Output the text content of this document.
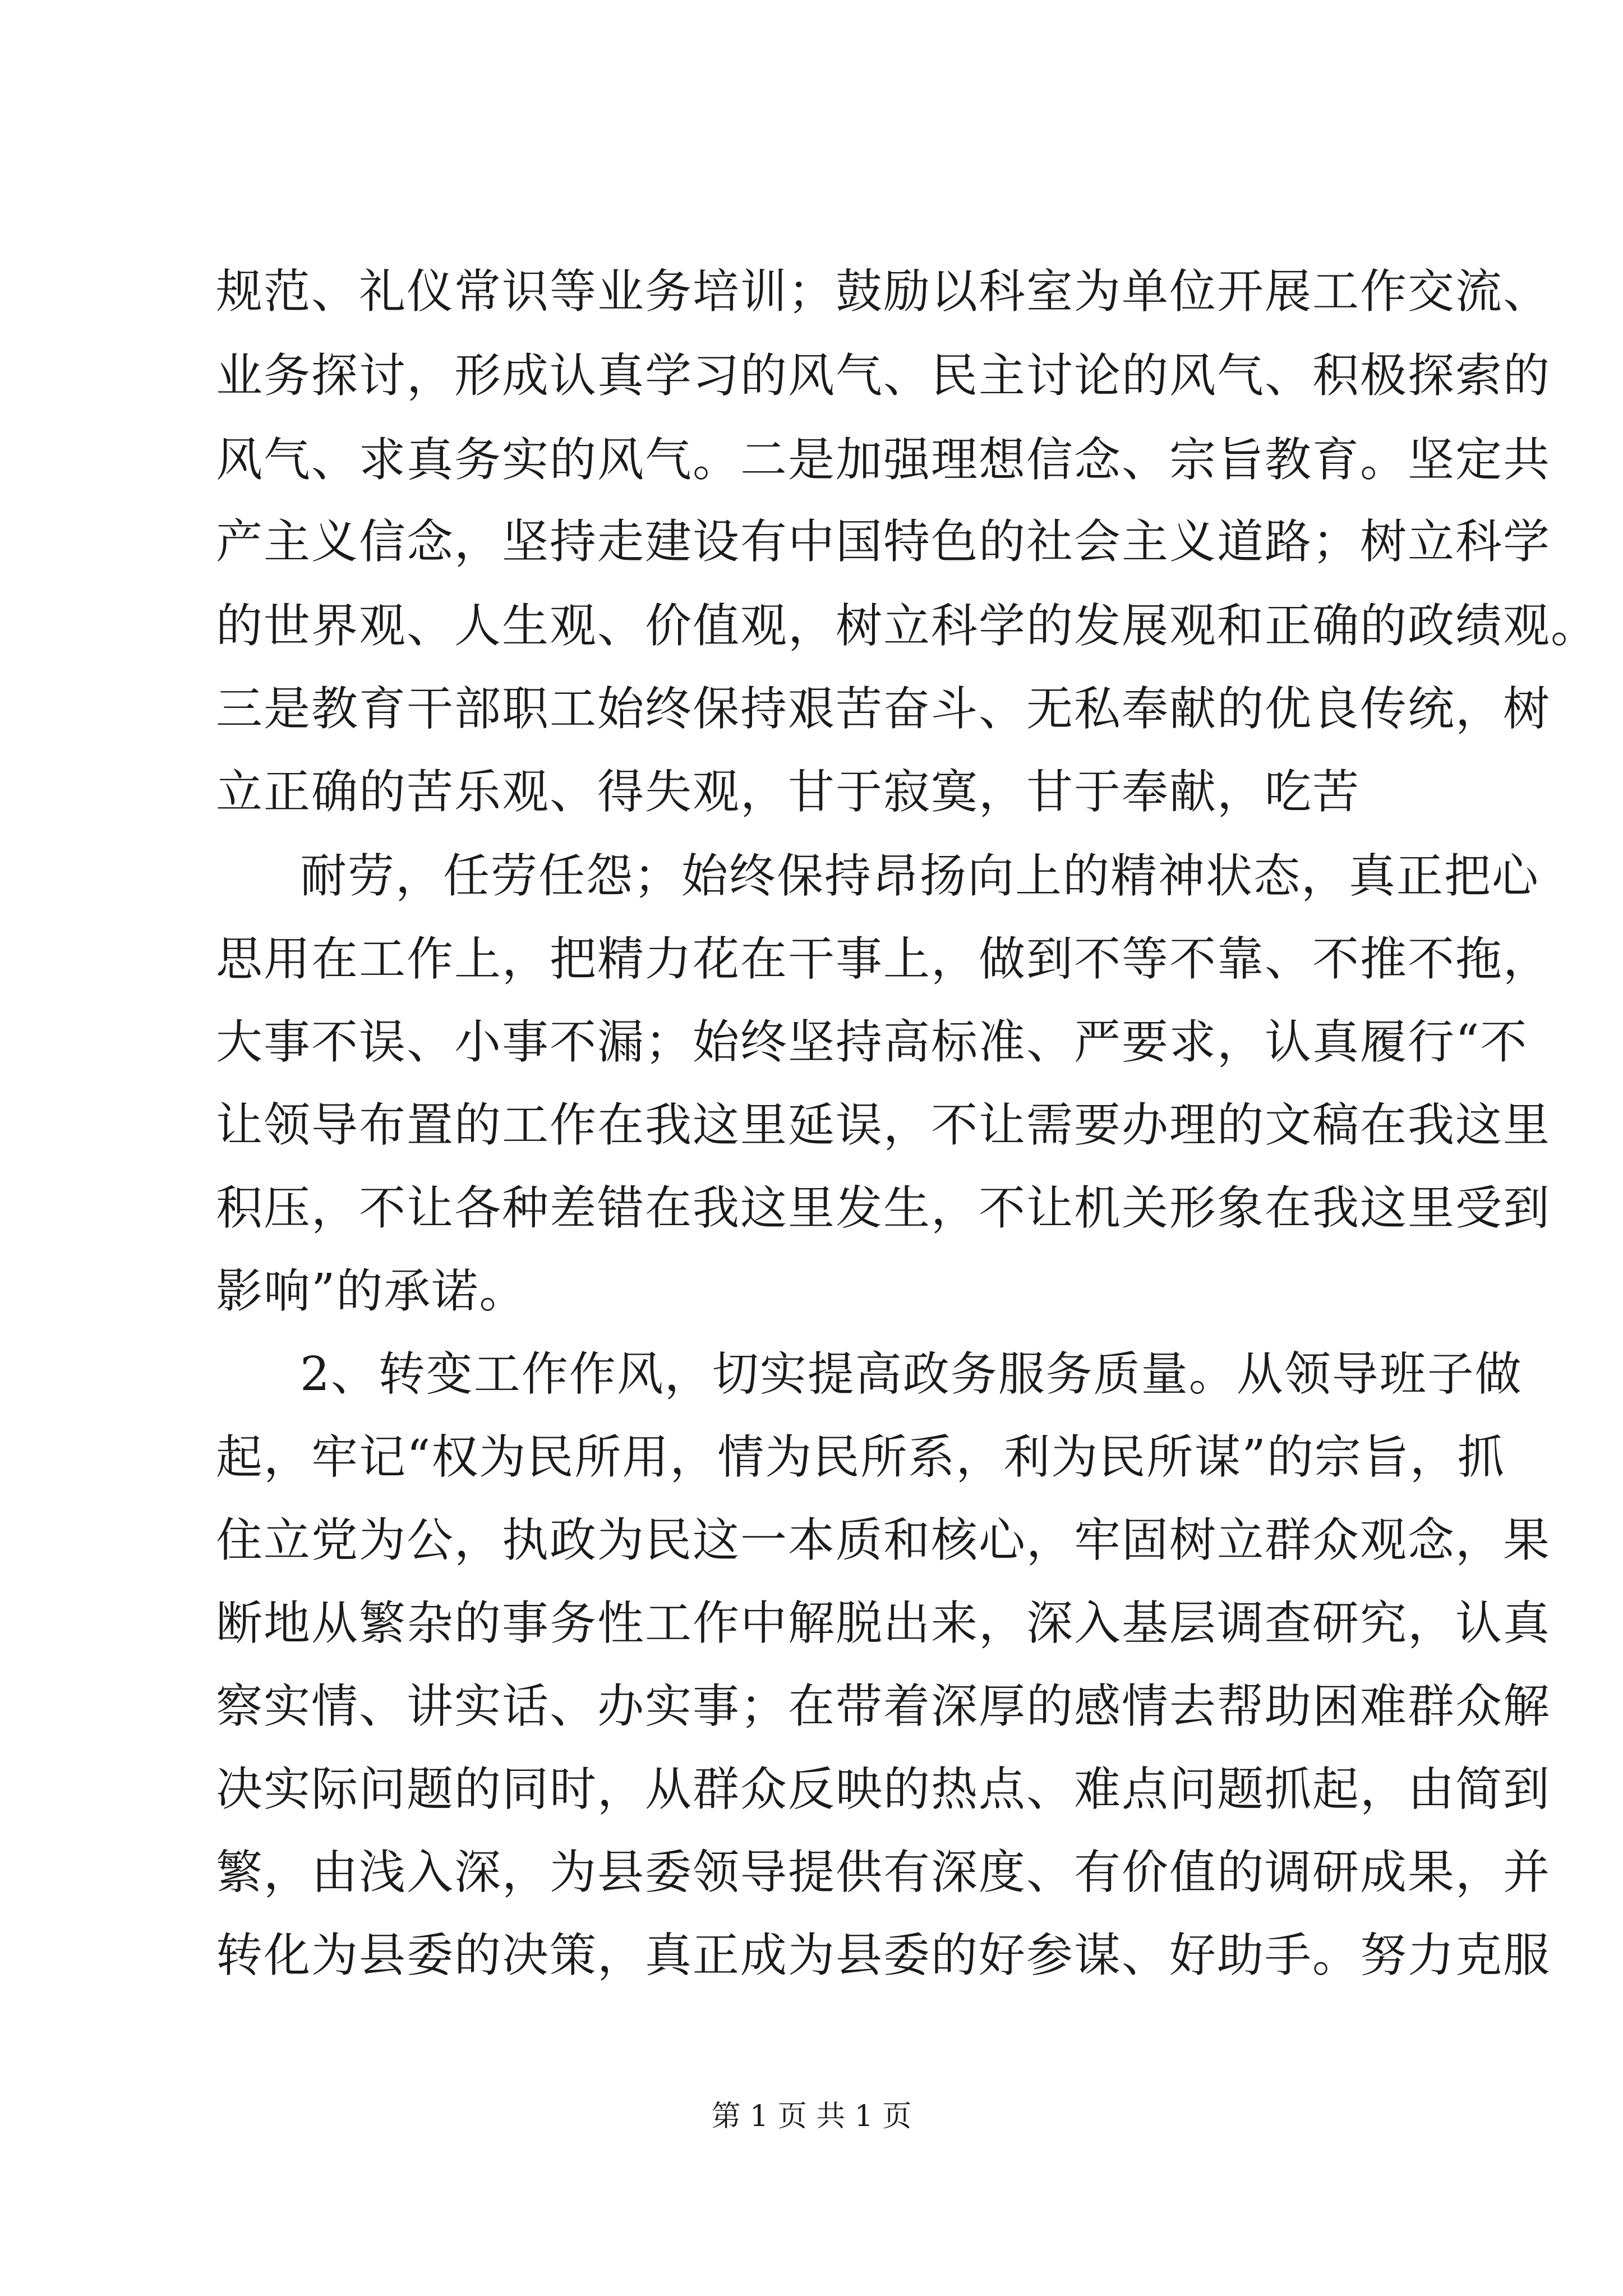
规范、礼仪常识等业务培训；鼓励以科室为单位开展工作交流、
业务探讨，形成认真学习的风气、民主讨论的风气、积极探索的
风气、求真务实的风气。二是加强理想信念、宗旨教育。坚定共
产主义信念，坚持走建设有中国特色的社会主义道路；树立科学
的世界观、人生观、价值观，树立科学的发展观和正确的政绩观。
三是教育干部职工始终保持艰苦奋斗、无私奉献的优良传统，树
立正确的苦乐观、得失观，甘于寂寞，甘于奉献，吃苦
耐劳，任劳任怨；始终保持昂扬向上的精神状态，真正把心
思用在工作上，把精力花在干事上，做到不等不靠、不推不拖，
大事不误、小事不漏；始终坚持高标准、严要求，认真履行“不
让领导布置的工作在我这里延误，不让需要办理的文稿在我这里
积压，不让各种差错在我这里发生，不让机关形象在我这里受到
影响”的承诺。
2、转变工作作风，切实提高政务服务质量。从领导班子做
起，牢记“权为民所用，情为民所系，利为民所谋”的宗旨，抓
住立党为公，执政为民这一本质和核心，牢固树立群众观念，果
断地从繁杂的事务性工作中解脱出来，深入基层调查研究，认真
察实情、讲实话、办实事；在带着深厚的感情去帮助困难群众解
决实际问题的同时，从群众反映的热点、难点问题抓起，由简到
繁，由浅入深，为县委领导提供有深度、有价值的调研成果，并
转化为县委的决策，真正成为县委的好参谋、好助手。努力克服
第 1 页 共 1 页
